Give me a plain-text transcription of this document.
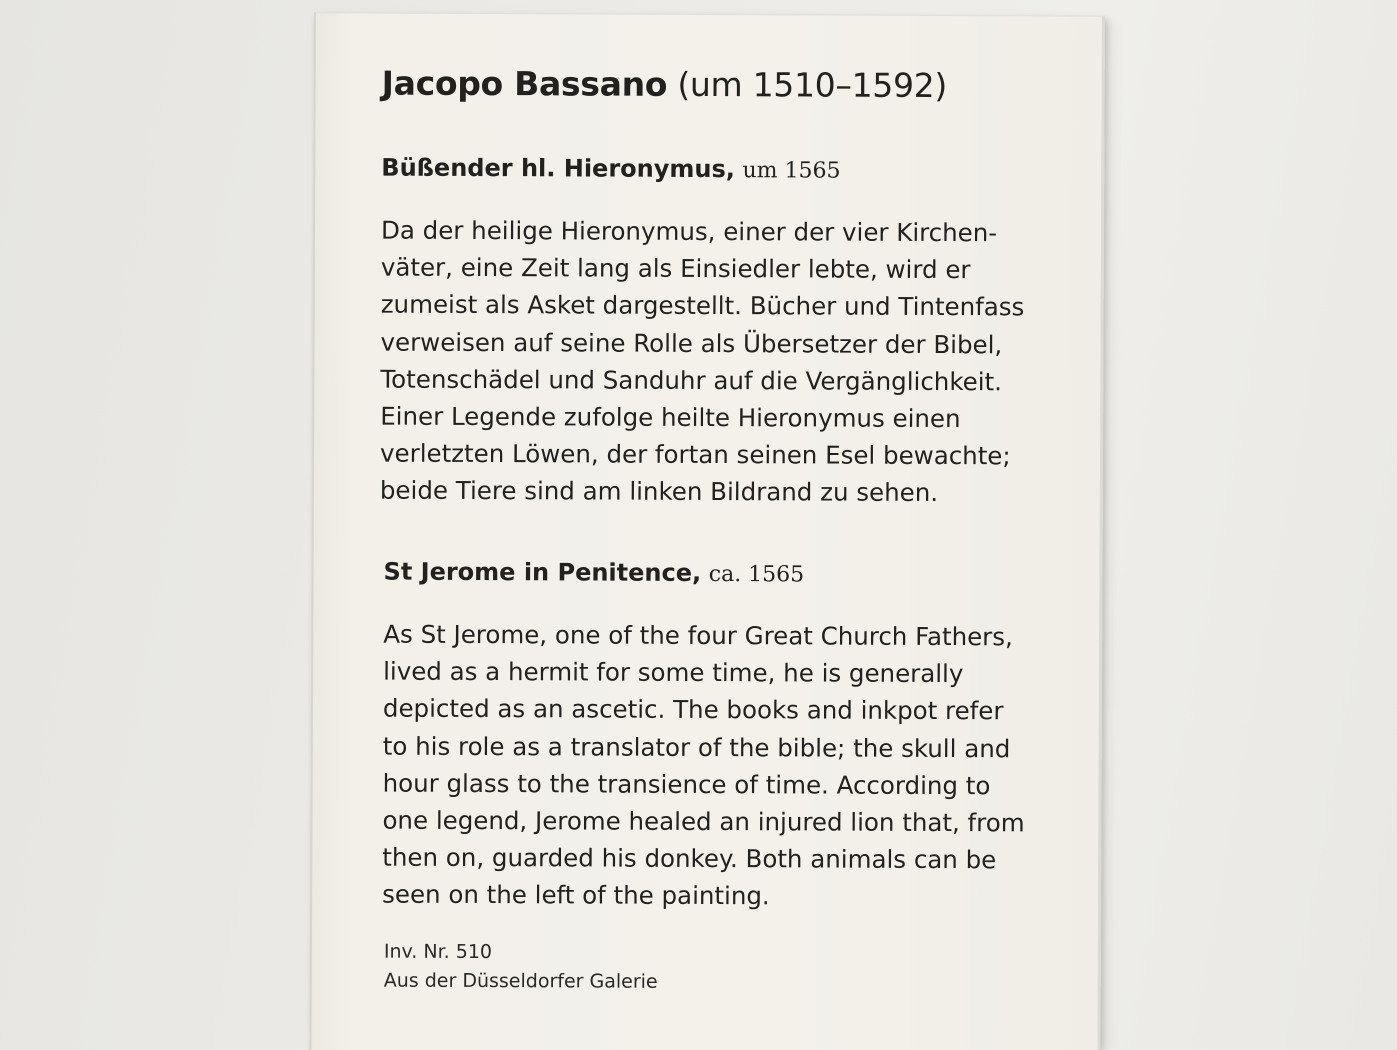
Jacopo Bassano (um 1510–1592)
Büßender hl. Hieronymus, um 1565
Da der heilige Hieronymus, einer der vier Kirchen-
väter, eine Zeit lang als Einsiedler lebte, wird er
zumeist als Asket dargestellt. Bücher und Tintenfass
verweisen auf seine Rolle als Übersetzer der Bibel,
Totenschädel und Sanduhr auf die Vergänglichkeit.
Einer Legende zufolge heilte Hieronymus einen
verletzten Löwen, der fortan seinen Esel bewachte;
beide Tiere sind am linken Bildrand zu sehen.
St Jerome in Penitence, ca. 1565
As St Jerome, one of the four Great Church Fathers,
lived as a hermit for some time, he is generally
depicted as an ascetic. The books and inkpot refer
to his role as a translator of the bible; the skull and
hour glass to the transience of time. According to
one legend, Jerome healed an injured lion that, from
then on, guarded his donkey. Both animals can be
seen on the left of the painting.
Inv. Nr. 510
Aus der Düsseldorfer Galerie
